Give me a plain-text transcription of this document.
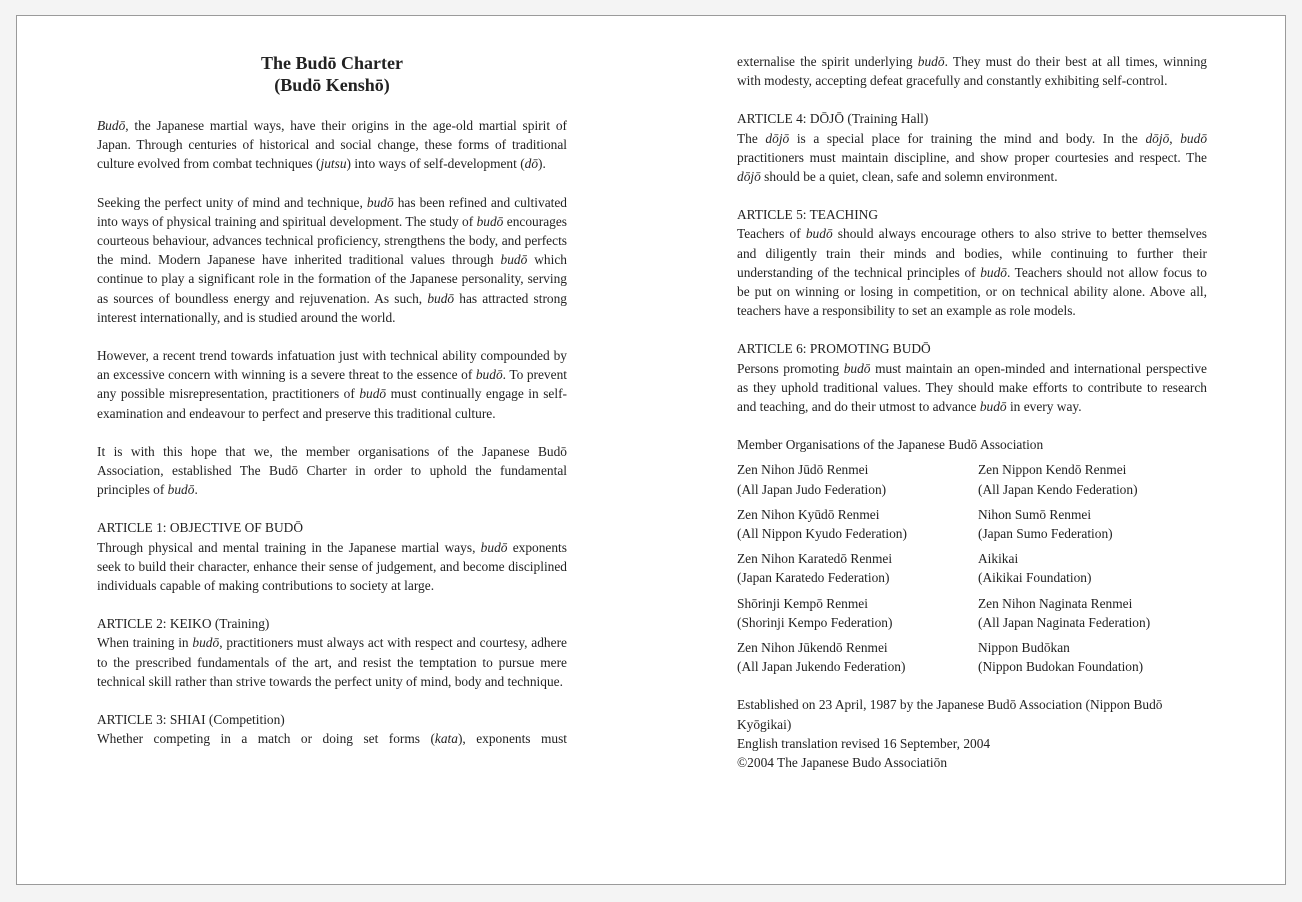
The Budō Charter
(Budō Kenshō)

Budō, the Japanese martial ways, have their origins in the age-old martial spirit of Japan. Through centuries of historical and social change, these forms of traditional culture evolved from combat techniques (jutsu) into ways of self-development (dō).

Seeking the perfect unity of mind and technique, budō has been refined and cultivated into ways of physical training and spiritual development. The study of budō encourages courteous behaviour, advances technical proficiency, strengthens the body, and perfects the mind. Modern Japanese have inherited traditional values through budō which continue to play a significant role in the formation of the Japanese personality, serving as sources of boundless energy and rejuvenation. As such, budō has attracted strong interest internationally, and is studied around the world.

However, a recent trend towards infatuation just with technical ability compounded by an excessive concern with winning is a severe threat to the essence of budō. To prevent any possible misrepresentation, practitioners of budō must continually engage in self-examination and endeavour to perfect and preserve this traditional culture.

It is with this hope that we, the member organisations of the Japanese Budō Association, established The Budō Charter in order to uphold the fundamental principles of budō.

ARTICLE 1: OBJECTIVE OF BUDŌ

Through physical and mental training in the Japanese martial ways, budō exponents seek to build their character, enhance their sense of judgement, and become disciplined individuals capable of making contributions to society at large.

ARTICLE 2: KEIKO (Training)

When training in budō, practitioners must always act with respect and courtesy, adhere to the prescribed fundamentals of the art, and resist the temptation to pursue mere technical skill rather than strive towards the perfect unity of mind, body and technique.

ARTICLE 3: SHIAI (Competition)

Whether competing in a match or doing set forms (kata), exponents must

externalise the spirit underlying budō. They must do their best at all times, winning with modesty, accepting defeat gracefully and constantly exhibiting self-control.

ARTICLE 4: DŌJŌ (Training Hall)

The dōjō is a special place for training the mind and body. In the dōjō, budō practitioners must maintain discipline, and show proper courtesies and respect. The dōjō should be a quiet, clean, safe and solemn environment.

ARTICLE 5: TEACHING

Teachers of budō should always encourage others to also strive to better themselves and diligently train their minds and bodies, while continuing to further their understanding of the technical principles of budō. Teachers should not allow focus to be put on winning or losing in competition, or on technical ability alone. Above all, teachers have a responsibility to set an example as role models.

ARTICLE 6: PROMOTING BUDŌ

Persons promoting budō must maintain an open-minded and international perspective as they uphold traditional values. They should make efforts to contribute to research and teaching, and do their utmost to advance budō in every way.

Member Organisations of the Japanese Budō Association
Zen Nihon Jūdō Renmei
(All Japan Judo Federation)
Zen Nippon Kendō Renmei
(All Japan Kendo Federation)
Zen Nihon Kyūdō Renmei
(All Nippon Kyudo Federation)
Nihon Sumō Renmei
(Japan Sumo Federation)
Zen Nihon Karatedō Renmei
(Japan Karatedo Federation)
Aikikai
(Aikikai Foundation)
Shōrinji Kempō Renmei
(Shorinji Kempo Federation)
Zen Nihon Naginata Renmei
(All Japan Naginata Federation)
Zen Nihon Jūkendō Renmei
(All Japan Jukendo Federation)
Nippon Budōkan
(Nippon Budokan Foundation)

Established on 23 April, 1987 by the Japanese Budō Association (Nippon Budō Kyōgikai)

English translation revised 16 September, 2004

©2004 The Japanese Budo Associatiōn
